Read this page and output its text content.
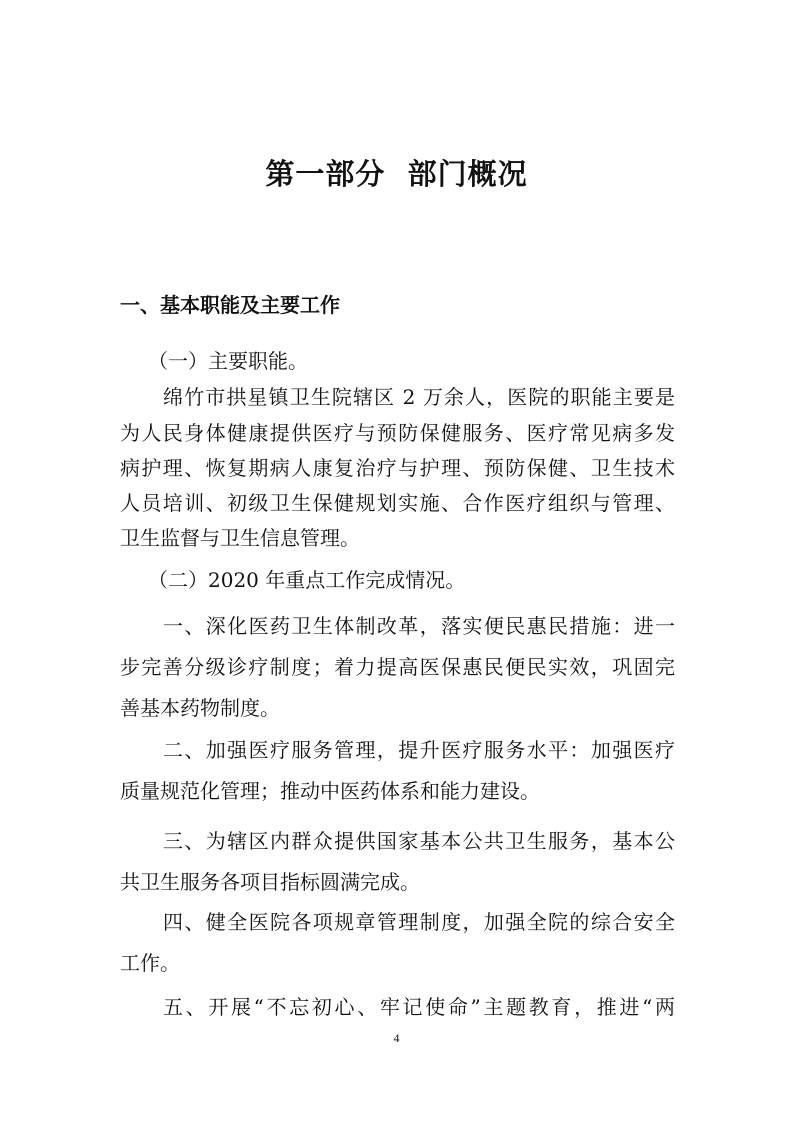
第一部分  部门概况
一、基本职能及主要工作

（一）主要职能。

绵竹市拱星镇卫生院辖区 2 万余人，医院的职能主要是

为人民身体健康提供医疗与预防保健服务、医疗常见病多发

病护理、恢复期病人康复治疗与护理、预防保健、卫生技术

人员培训、初级卫生保健规划实施、合作医疗组织与管理、

卫生监督与卫生信息管理。

（二）2020 年重点工作完成情况。

一、深化医药卫生体制改革，落实便民惠民措施：进一

步完善分级诊疗制度；着力提高医保惠民便民实效，巩固完

善基本药物制度。

二、加强医疗服务管理，提升医疗服务水平：加强医疗

质量规范化管理；推动中医药体系和能力建设。

三、为辖区内群众提供国家基本公共卫生服务，基本公

共卫生服务各项目指标圆满完成。

四、健全医院各项规章管理制度，加强全院的综合安全

工作。

五、开展“不忘初心、牢记使命”主题教育，推进“两

4
